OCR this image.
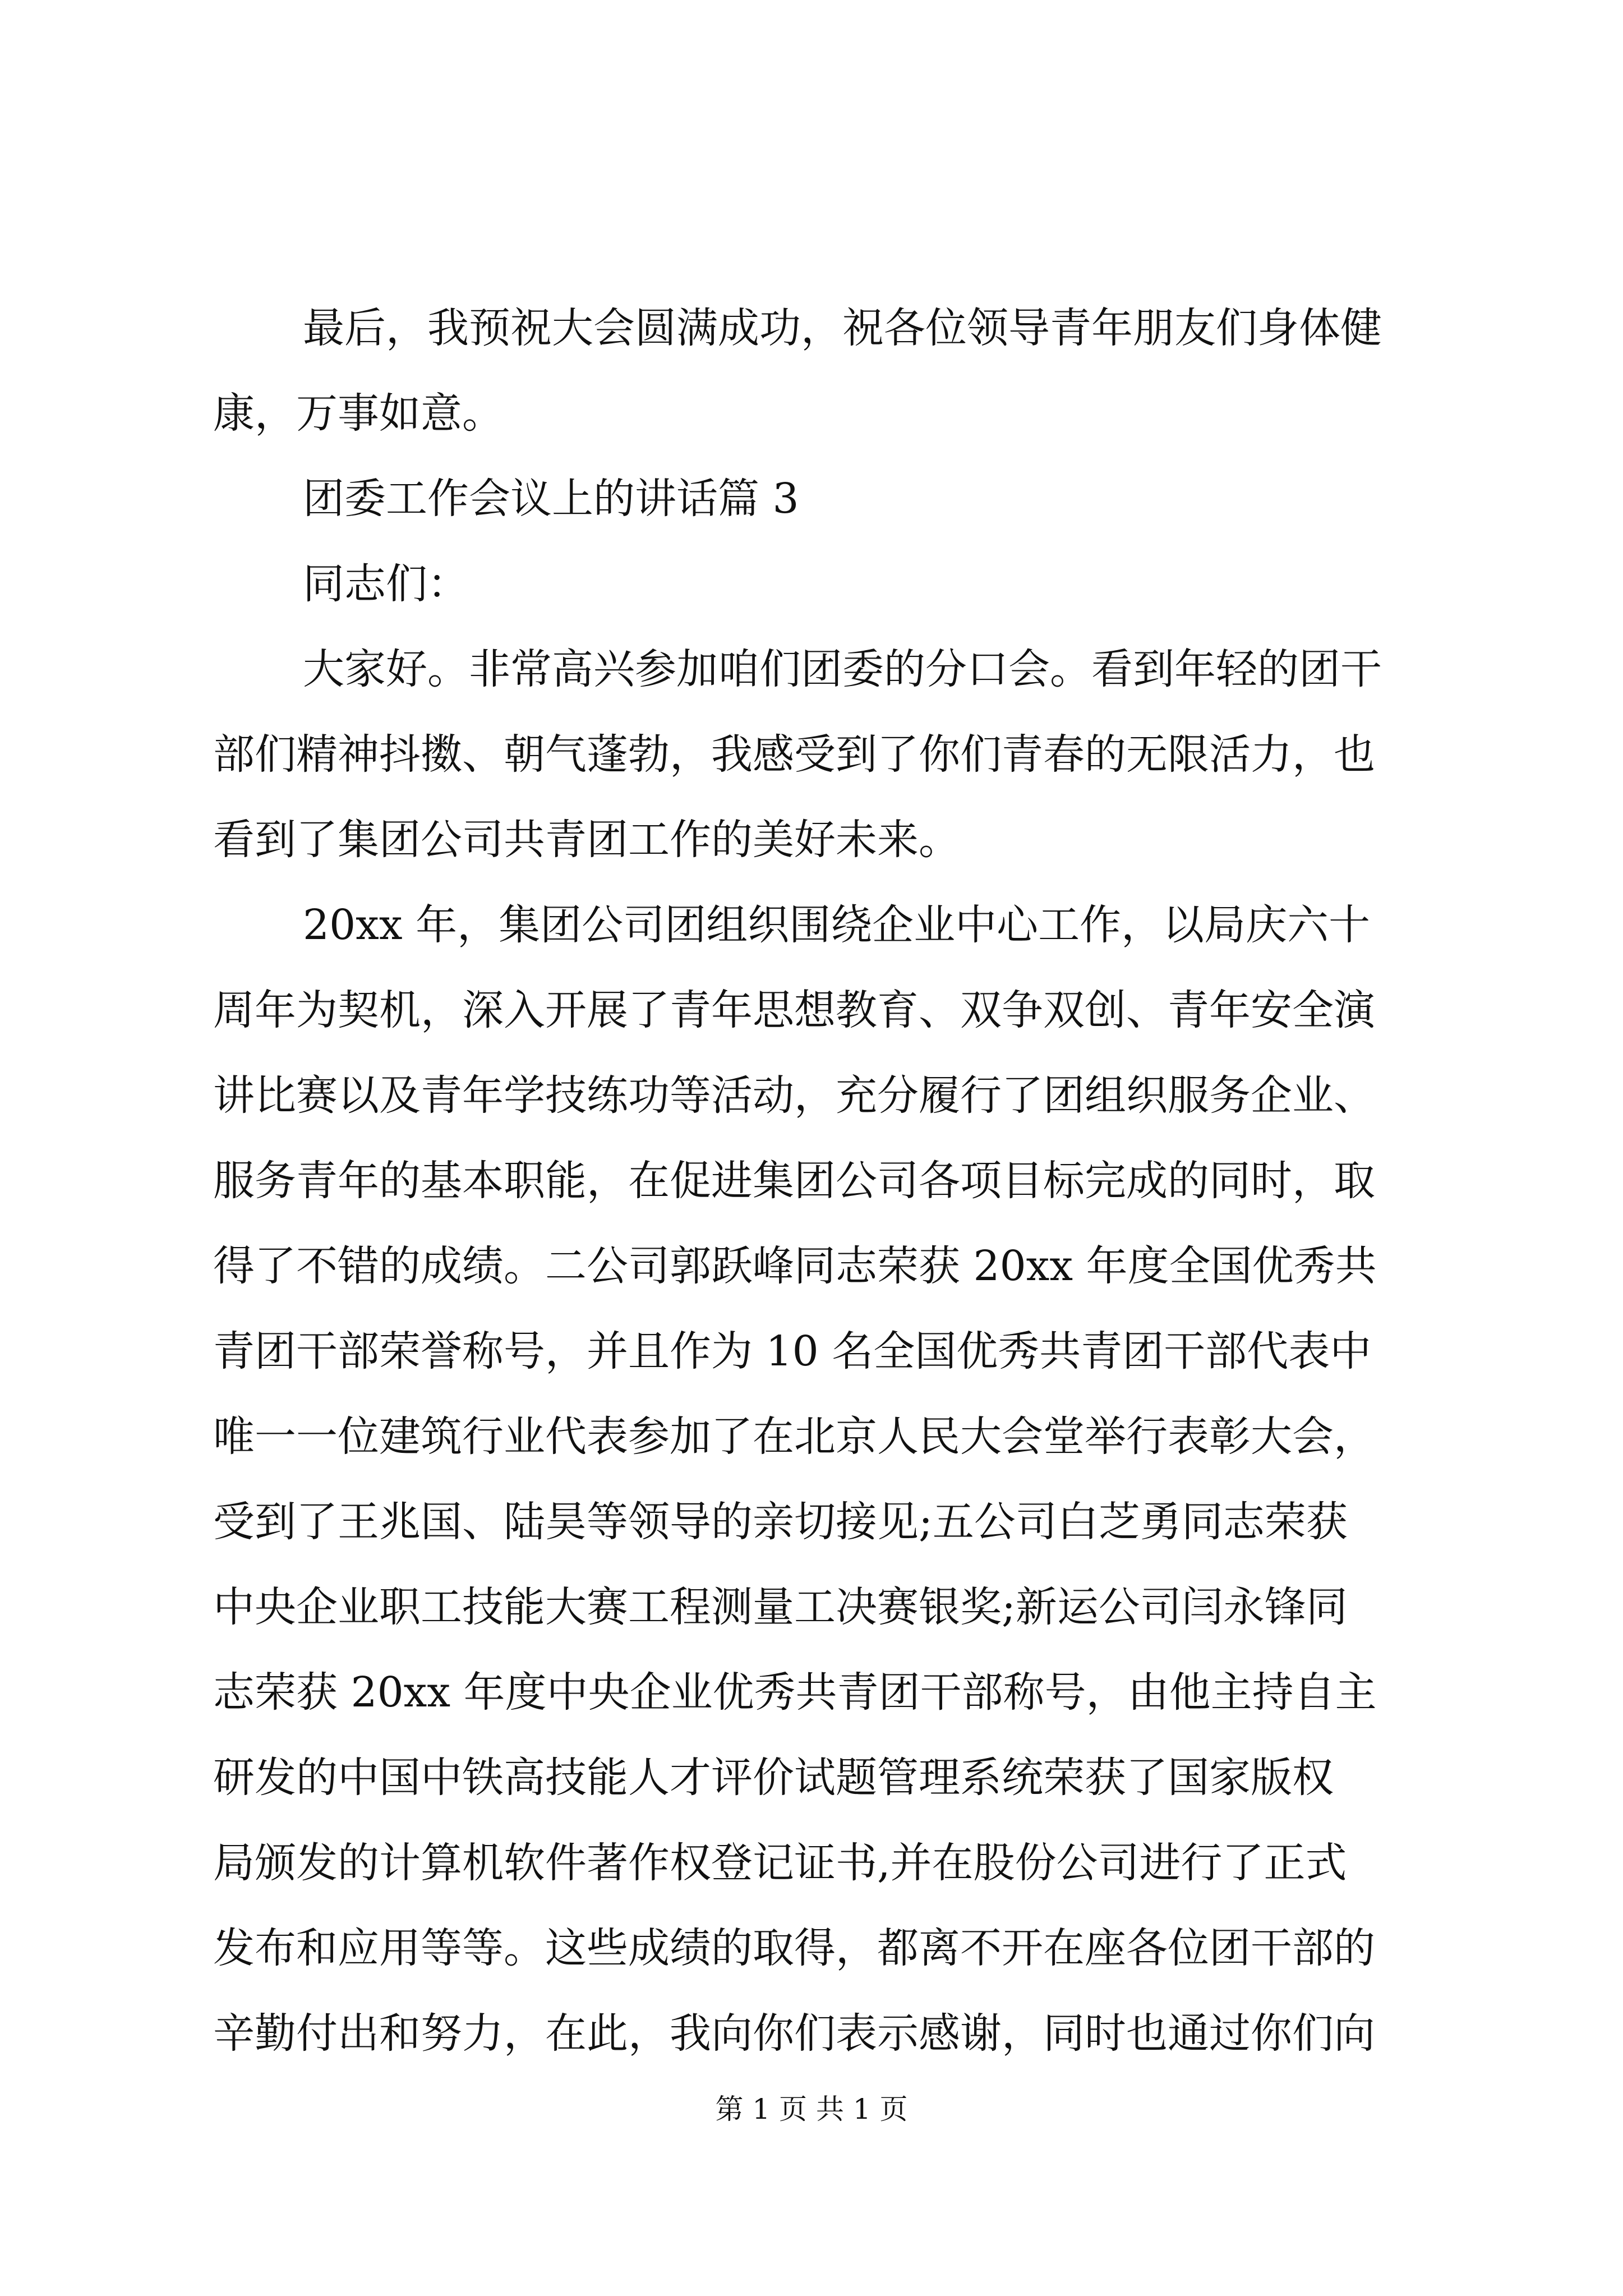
最后，我预祝大会圆满成功，祝各位领导青年朋友们身体健
康，万事如意。
团委工作会议上的讲话篇 3
同志们：
大家好。非常高兴参加咱们团委的分口会。看到年轻的团干
部们精神抖擞、朝气蓬勃，我感受到了你们青春的无限活力，也
看到了集团公司共青团工作的美好未来。
20xx 年，集团公司团组织围绕企业中心工作，以局庆六十
周年为契机，深入开展了青年思想教育、双争双创、青年安全演
讲比赛以及青年学技练功等活动，充分履行了团组织服务企业、
服务青年的基本职能，在促进集团公司各项目标完成的同时，取
得了不错的成绩。二公司郭跃峰同志荣获 20xx 年度全国优秀共
青团干部荣誉称号，并且作为 10 名全国优秀共青团干部代表中
唯一一位建筑行业代表参加了在北京人民大会堂举行表彰大会，
受到了王兆国、陆昊等领导的亲切接见;五公司白芝勇同志荣获
中央企业职工技能大赛工程测量工决赛银奖;新运公司闫永锋同
志荣获 20xx 年度中央企业优秀共青团干部称号，由他主持自主
研发的中国中铁高技能人才评价试题管理系统荣获了国家版权
局颁发的计算机软件著作权登记证书,并在股份公司进行了正式
发布和应用等等。这些成绩的取得，都离不开在座各位团干部的
辛勤付出和努力，在此，我向你们表示感谢，同时也通过你们向
第 1 页 共 1 页
